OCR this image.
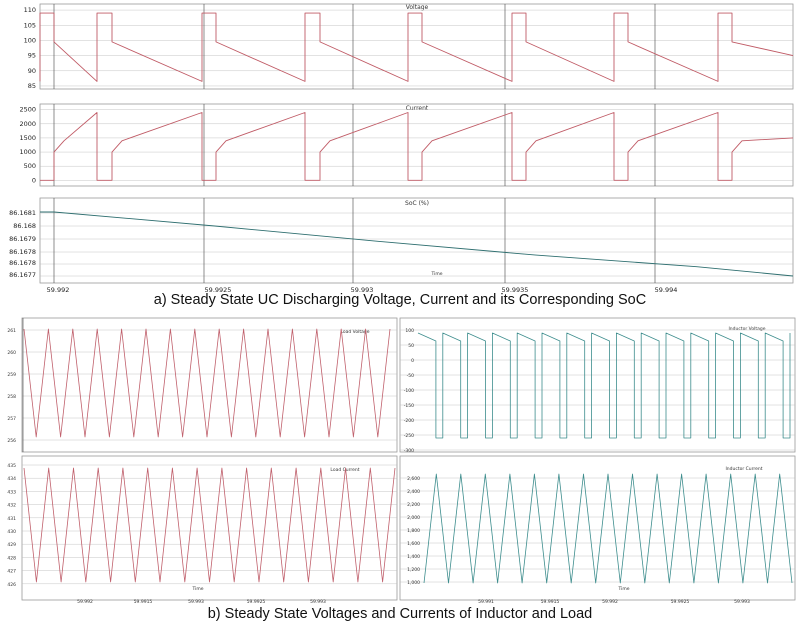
Voltage
85
90
95
100
105
110
Current
0
500
1000
1500
2000
2500
SoC (%)
86.1681
86.168
86.1679
86.1678
86.1678
86.1677
59.992	59.9925	59.993	59.9935	59.994
Time
Load Voltage
261
260
259
258
257
256
Inductor Voltage
100
50
0
-50
-100
-150
-200
-250
-300
Load Current
435
434
433
432
431
430
429
428
427
426
59.992	59.9915	59.993	59.9925	59.993
Time
Inductor Current
2,600
2,400
2,200
2,000
1,800
1,600
1,400
1,200
1,000
59.991	59.9915	59.992	59.9925	59.993
Time
a) Steady State UC Discharging Voltage, Current and its Corresponding SoC
b) Steady State Voltages and Currents of Inductor and Load
